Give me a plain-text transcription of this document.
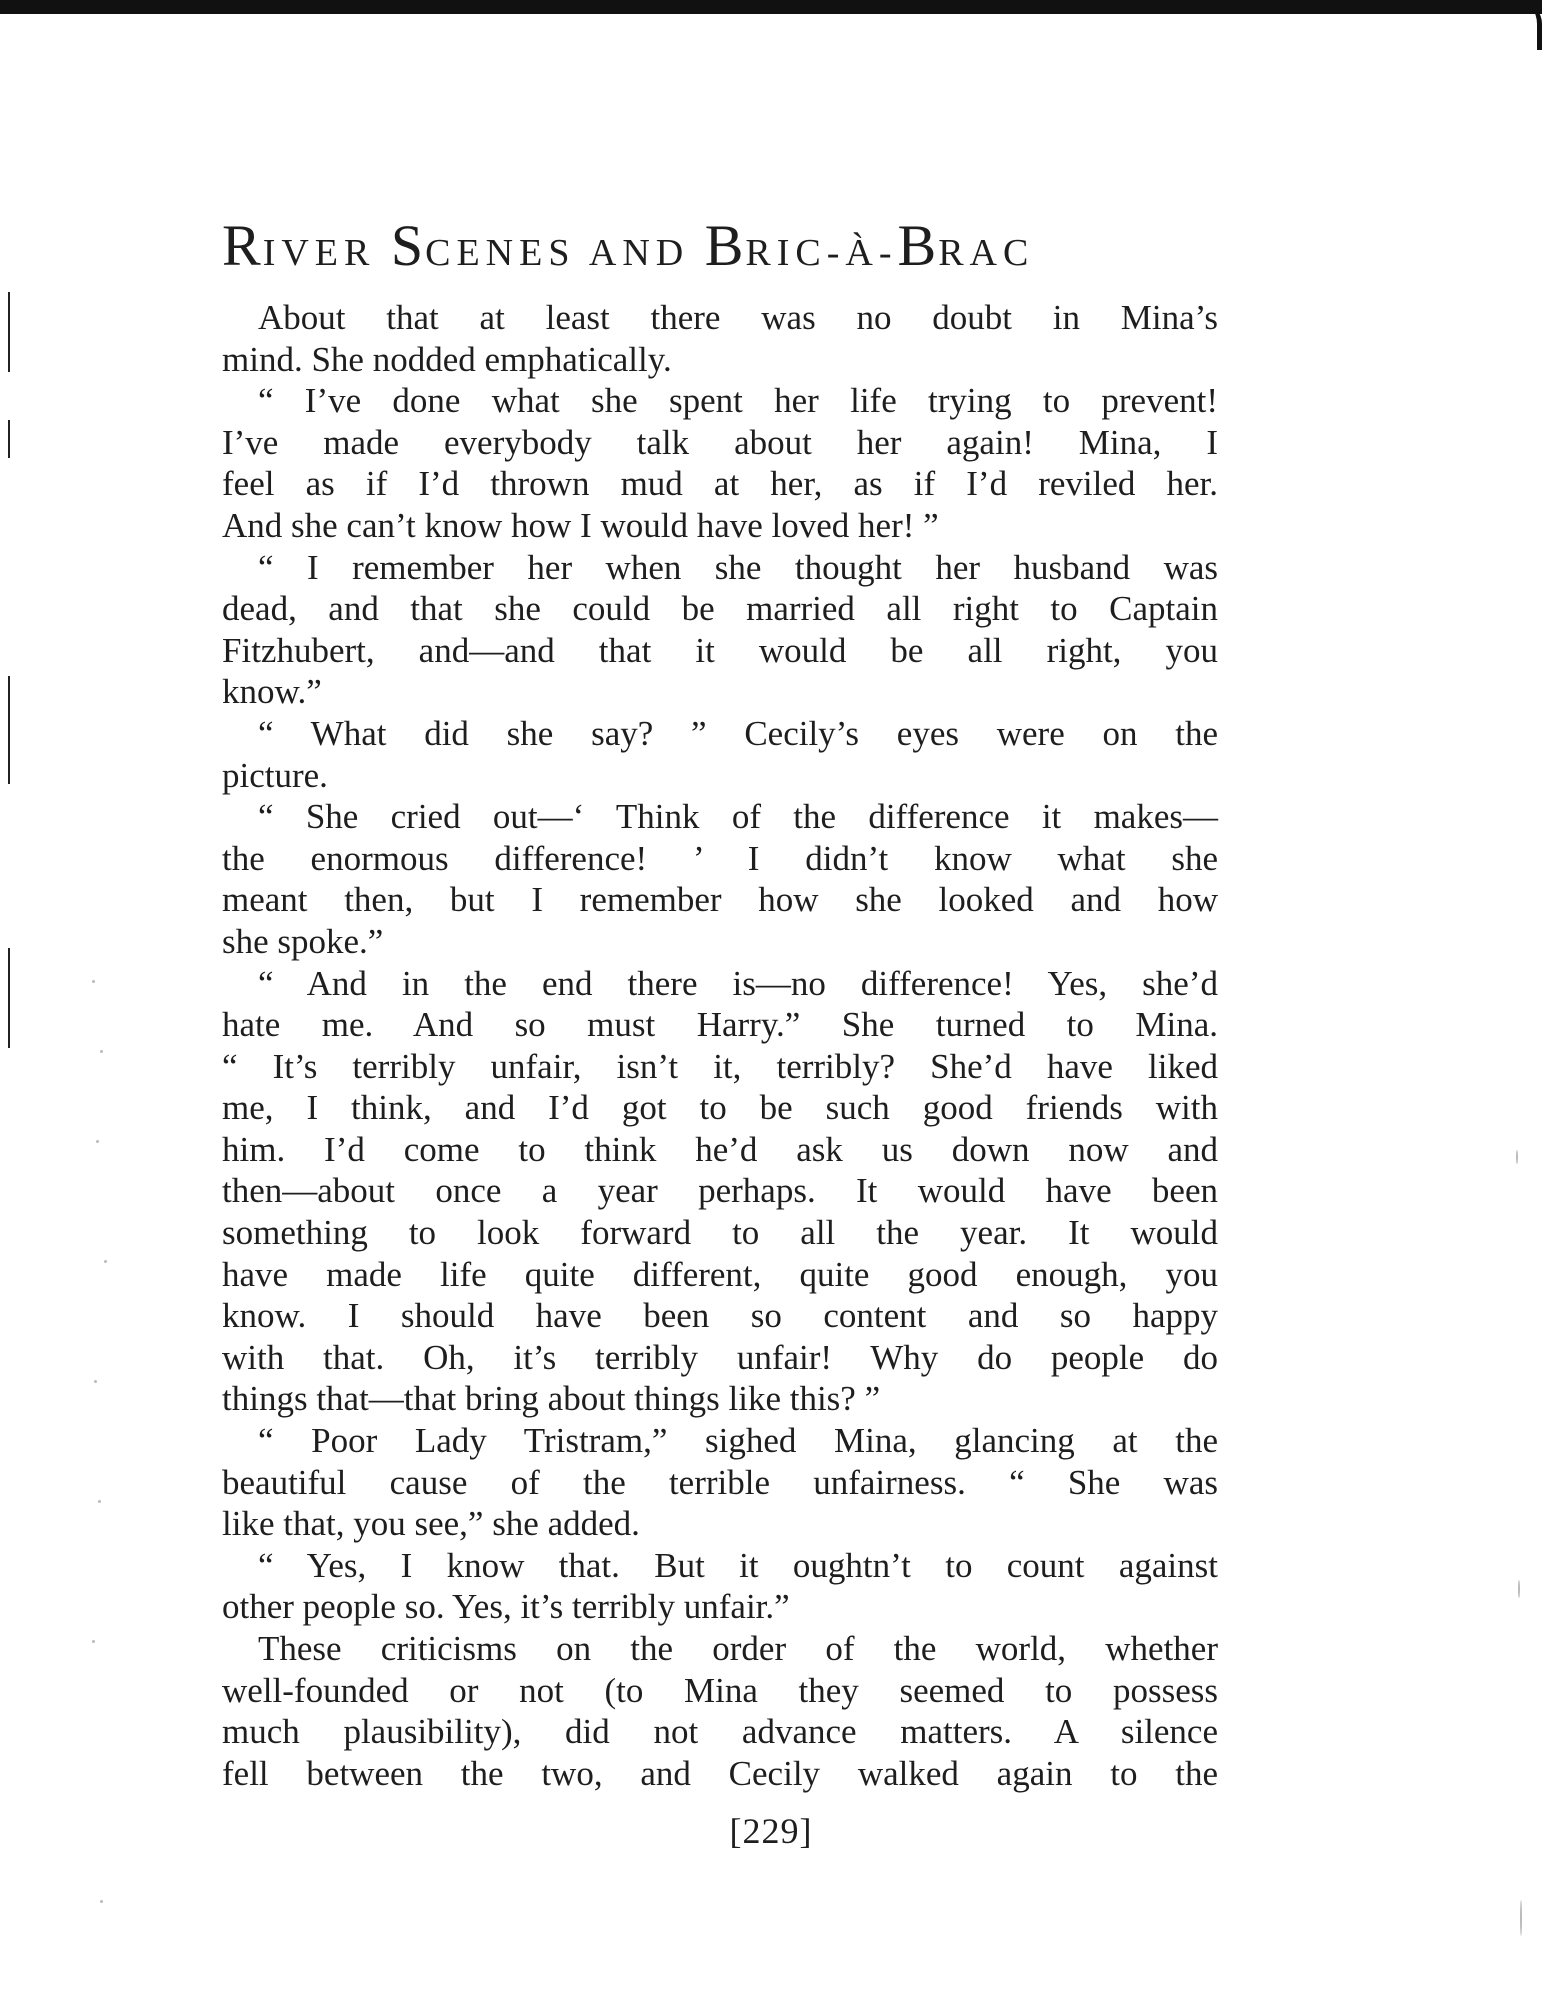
RIVER SCENES AND BRIC-À-BRAC
About that at least there was no doubt in Mina’s
mind. She nodded emphatically.
“ I’ve done what she spent her life trying to prevent!
I’ve made everybody talk about her again! Mina, I
feel as if I’d thrown mud at her, as if I’d reviled her.
And she can’t know how I would have loved her! ”
“ I remember her when she thought her husband was
dead, and that she could be married all right to Captain
Fitzhubert, and—and that it would be all right, you
know.”
“ What did she say? ” Cecily’s eyes were on the
picture.
“ She cried out—‘ Think of the difference it makes—
the enormous difference! ’ I didn’t know what she
meant then, but I remember how she looked and how
she spoke.”
“ And in the end there is—no difference! Yes, she’d
hate me. And so must Harry.” She turned to Mina.
“ It’s terribly unfair, isn’t it, terribly? She’d have liked
me, I think, and I’d got to be such good friends with
him. I’d come to think he’d ask us down now and
then—about once a year perhaps. It would have been
something to look forward to all the year. It would
have made life quite different, quite good enough, you
know. I should have been so content and so happy
with that. Oh, it’s terribly unfair! Why do people do
things that—that bring about things like this? ”
“ Poor Lady Tristram,” sighed Mina, glancing at the
beautiful cause of the terrible unfairness. “ She was
like that, you see,” she added.
“ Yes, I know that. But it oughtn’t to count against
other people so. Yes, it’s terribly unfair.”
These criticisms on the order of the world, whether
well-founded or not (to Mina they seemed to possess
much plausibility), did not advance matters. A silence
fell between the two, and Cecily walked again to the
[229]
